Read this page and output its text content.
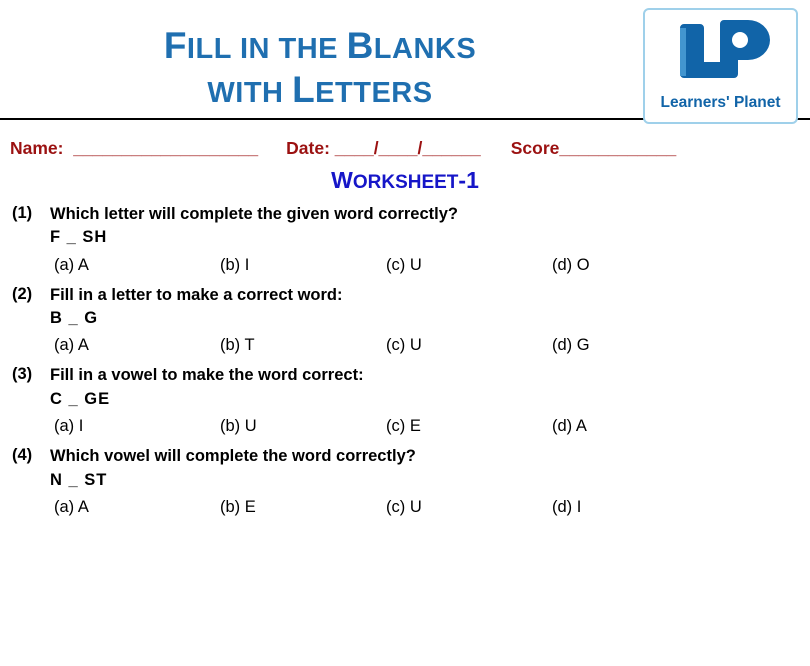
FILL IN THE BLANKS
WITH LETTERS	Learners' Planet
Name:  ___________________ Date: ____/____/______ Score____________
WORKSHEET-1
(1)	Which letter will complete the given word correctly?
F _ SH
(a) A	(b) I	(c) U	(d) O
(2)	Fill in a letter to make a correct word:
B _ G
(a) A	(b) T	(c) U	(d) G
(3)	Fill in a vowel to make the word correct:
C _ GE
(a) I	(b) U	(c) E	(d) A
(4)	Which vowel will complete the word correctly?
N _ ST
(a) A	(b) E	(c) U	(d) I
